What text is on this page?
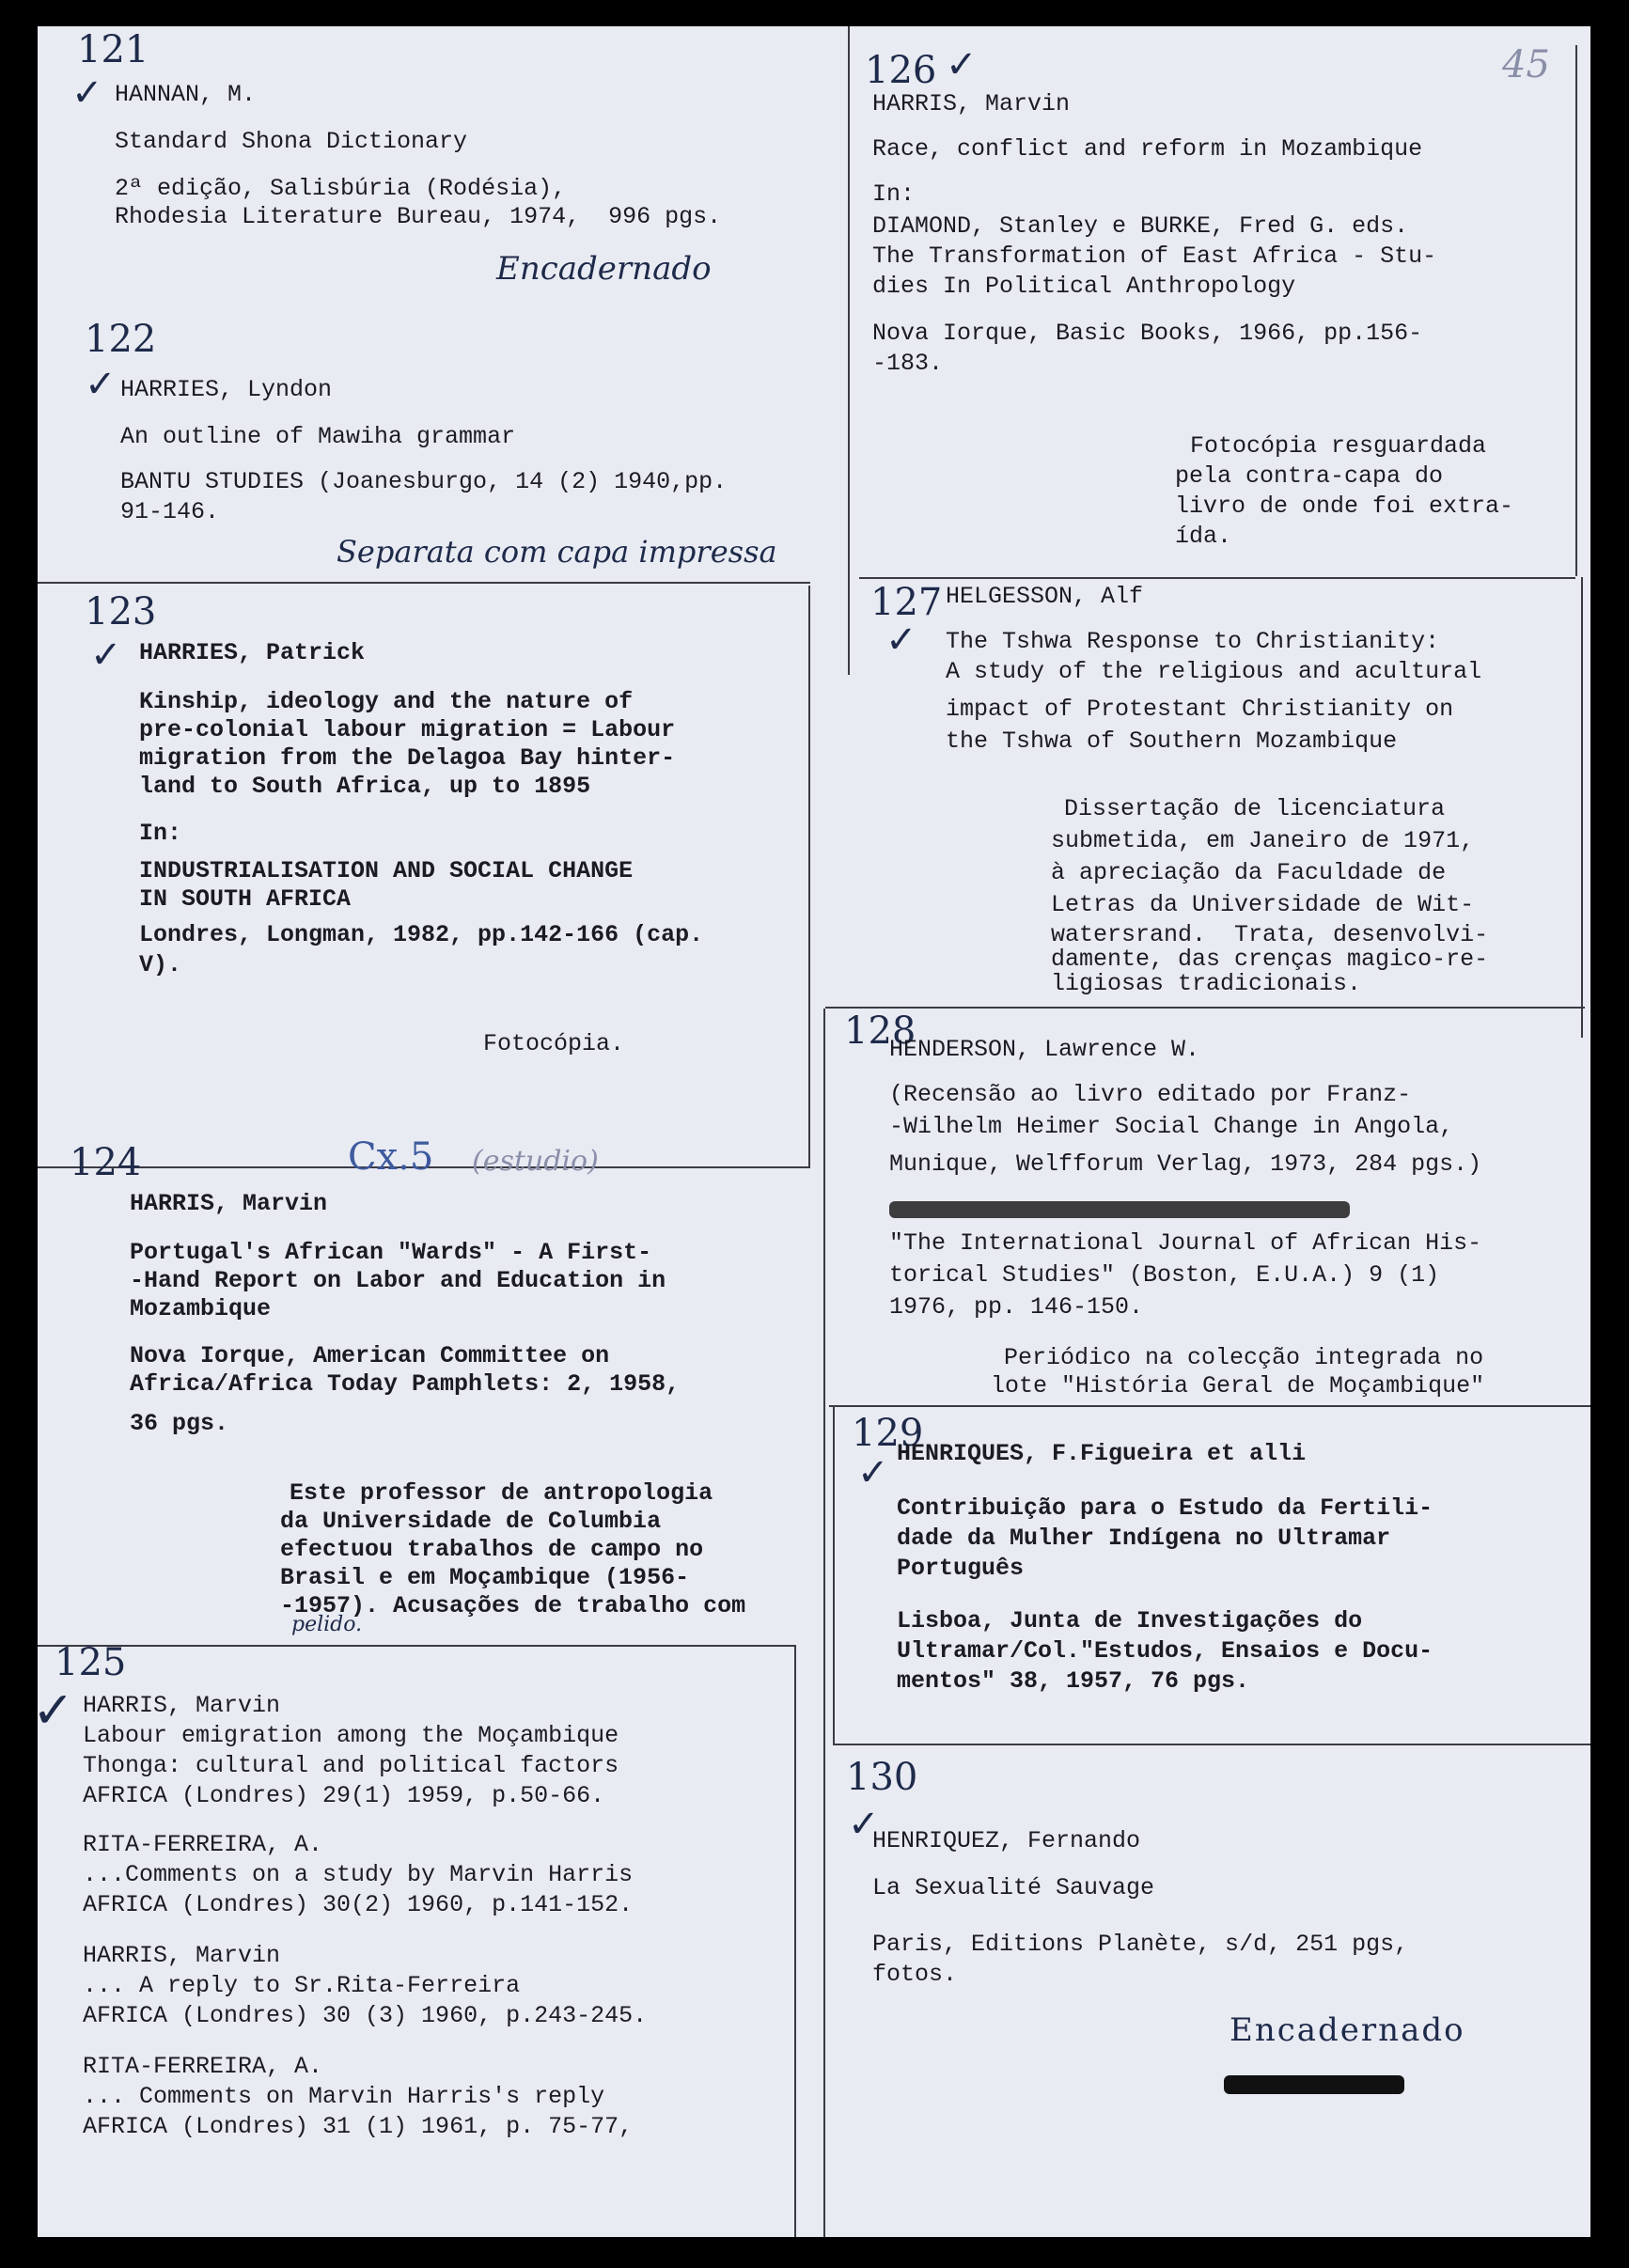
45
121
✓ HANNAN, M.
Standard Shona Dictionary
2ª edição, Salisbúria (Rodésia),
Rhodesia Literature Bureau, 1974,  996 pgs.
Encadernado
122
✓ HARRIES, Lyndon
An outline of Mawiha grammar
BANTU STUDIES (Joanesburgo, 14 (2) 1940,pp.
91-146.
Separata com capa impressa
123
✓ HARRIES, Patrick
Kinship, ideology and the nature of
pre-colonial labour migration = Labour
migration from the Delagoa Bay hinter-
land to South Africa, up to 1895
In:
INDUSTRIALISATION AND SOCIAL CHANGE
IN SOUTH AFRICA
Londres, Longman, 1982, pp.142-166 (cap.
V).
Fotocópia.
124	Cx.5 (estudio)
HARRIS, Marvin
Portugal's African "Wards" - A First-
-Hand Report on Labor and Education in
Mozambique
Nova Iorque, American Committee on
Africa/Africa Today Pamphlets: 2, 1958,
36 pgs.
Este professor de antropologia
da Universidade de Columbia
efectuou trabalhos de campo no
Brasil e em Moçambique (1956-
-1957). Acusações de trabalho com
pelido.
125
✓ HARRIS, Marvin
Labour emigration among the Moçambique
Thonga: cultural and political factors
AFRICA (Londres) 29(1) 1959, p.50-66.
RITA-FERREIRA, A.
...Comments on a study by Marvin Harris
AFRICA (Londres) 30(2) 1960, p.141-152.
HARRIS, Marvin
... A reply to Sr.Rita-Ferreira
AFRICA (Londres) 30 (3) 1960, p.243-245.
RITA-FERREIRA, A.
... Comments on Marvin Harris's reply
AFRICA (Londres) 31 (1) 1961, p. 75-77,
126 ✓
HARRIS, Marvin
Race, conflict and reform in Mozambique
In:
DIAMOND, Stanley e BURKE, Fred G. eds.
The Transformation of East Africa - Stu-
dies In Political Anthropology
Nova Iorque, Basic Books, 1966, pp.156-
-183.
Fotocópia resguardada
pela contra-capa do
livro de onde foi extra-
ída.
127
✓
HELGESSON, Alf
The Tshwa Response to Christianity:
A study of the religious and acultural
impact of Protestant Christianity on
the Tshwa of Southern Mozambique
Dissertação de licenciatura
submetida, em Janeiro de 1971,
à apreciação da Faculdade de
Letras da Universidade de Wit-
watersrand.  Trata, desenvolvi-
damente, das crenças magico-re-
ligiosas tradicionais.
128
HENDERSON, Lawrence W.
(Recensão ao livro editado por Franz-
-Wilhelm Heimer Social Change in Angola,
Munique, Welfforum Verlag, 1973, 284 pgs.)
"The International Journal of African His-
torical Studies" (Boston, E.U.A.) 9 (1)
1976, pp. 146-150.
Periódico na colecção integrada no
lote "História Geral de Moçambique"
129
✓ HENRIQUES, F.Figueira et alli
Contribuição para o Estudo da Fertili-
dade da Mulher Indígena no Ultramar
Português
Lisboa, Junta de Investigações do
Ultramar/Col."Estudos, Ensaios e Docu-
mentos" 38, 1957, 76 pgs.
130
✓
HENRIQUEZ, Fernando
La Sexualité Sauvage
Paris, Editions Planète, s/d, 251 pgs,
fotos.
Encadernado
